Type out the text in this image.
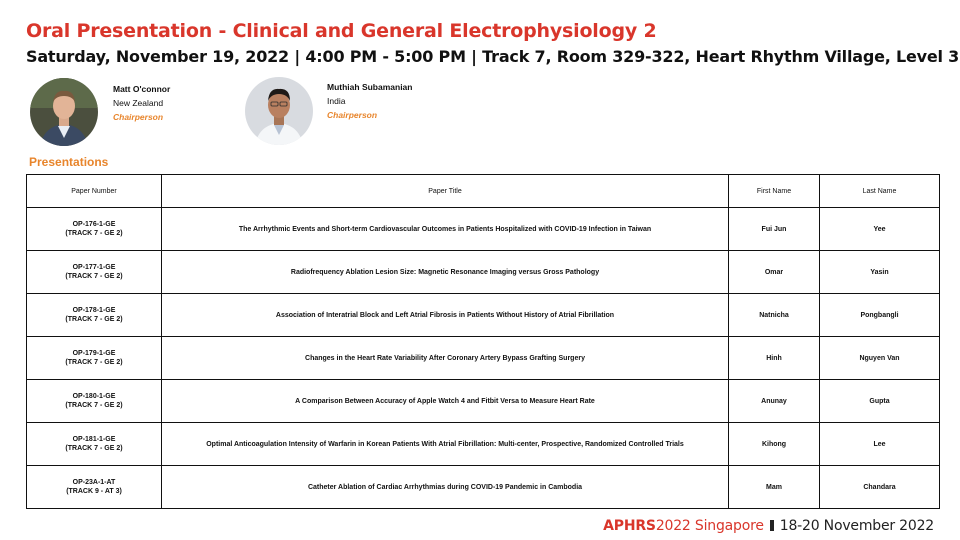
Oral Presentation - Clinical and General Electrophysiology 2
Saturday, November 19, 2022 | 4:00 PM - 5:00 PM | Track 7, Room 329-322, Heart Rhythm Village, Level 3
Matt O'connor
New Zealand
Chairperson
Muthiah Subamanian
India
Chairperson
Presentations
Paper Number	Paper Title	First Name	Last Name

OP-176-1-GE
(TRACK 7 - GE 2)	The Arrhythmic Events and Short-term Cardiovascular Outcomes in Patients Hospitalized with COVID-19 Infection in Taiwan	Fui Jun	Yee

OP-177-1-GE
(TRACK 7 - GE 2)	Radiofrequency Ablation Lesion Size: Magnetic Resonance Imaging versus Gross Pathology	Omar	Yasin

OP-178-1-GE
(TRACK 7 - GE 2)	Association of Interatrial Block and Left Atrial Fibrosis in Patients Without History of Atrial Fibrillation	Natnicha	Pongbangli

OP-179-1-GE
(TRACK 7 - GE 2)	Changes in the Heart Rate Variability After Coronary Artery Bypass Grafting Surgery	Hinh	Nguyen Van

OP-180-1-GE
(TRACK 7 - GE 2)	A Comparison Between Accuracy of Apple Watch 4 and Fitbit Versa to Measure Heart Rate	Anunay	Gupta

OP-181-1-GE
(TRACK 7 - GE 2)	Optimal Anticoagulation Intensity of Warfarin in Korean Patients With Atrial Fibrillation: Multi-center, Prospective, Randomized Controlled Trials	Kihong	Lee

OP-23A-1-AT
(TRACK 9 - AT 3)	Catheter Ablation of Cardiac Arrhythmias during COVID-19 Pandemic in Cambodia	Mam	Chandara
APHRS2022 Singapore 18-20 November 2022
